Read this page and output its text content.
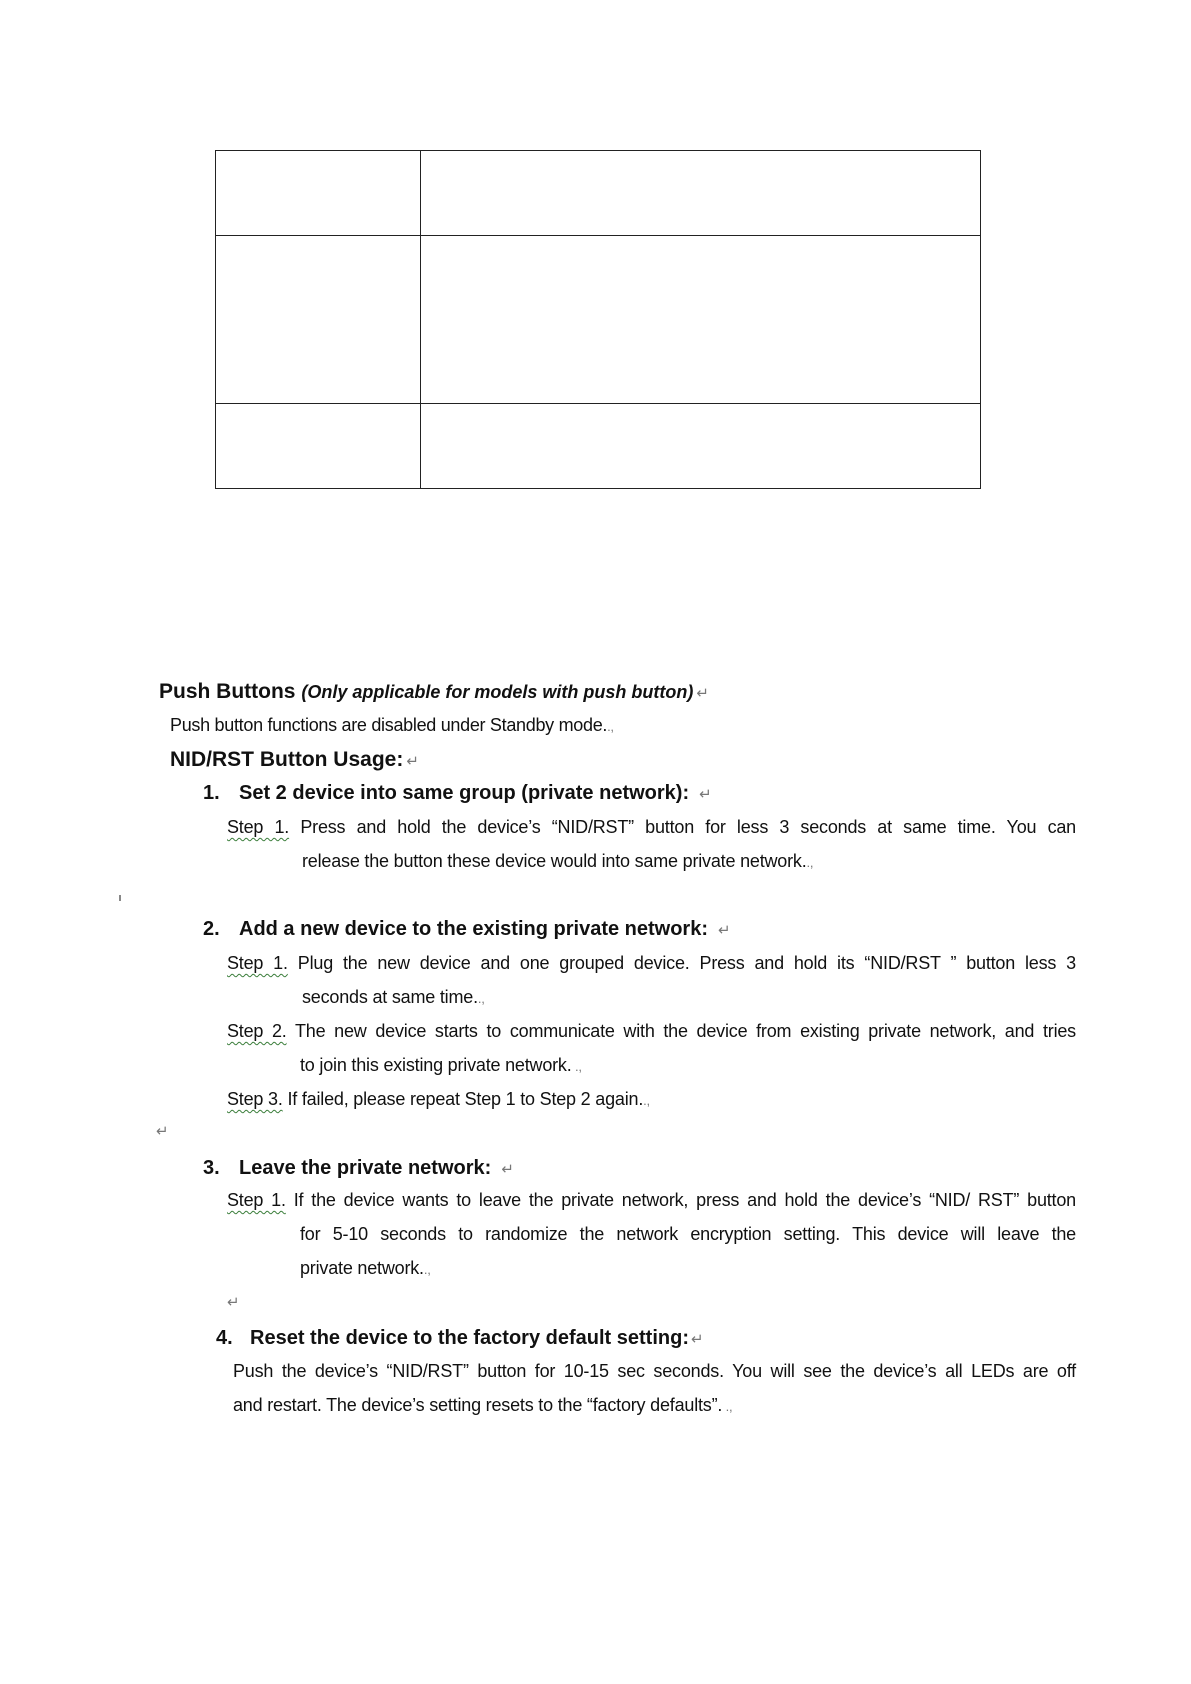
Push Buttons (Only applicable for models with push button) ↵
Push button functions are disabled under Standby mode..,
NID/RST Button Usage: ↵
1. Set 2 device into same group (private network): ↵
Step 1. Press and hold the device’s “NID/RST” button for less 3 seconds at same time. You can
release the button these device would into same private network..,
2. Add a new device to the existing private network: ↵
Step 1. Plug the new device and one grouped device. Press and hold its “NID/RST ” button less 3
seconds at same time..,
Step 2. The new device starts to communicate with the device from existing private network, and tries
to join this existing private network. .,
Step 3. If failed, please repeat Step 1 to Step 2 again..,
↵
3. Leave the private network: ↵
Step 1. If the device wants to leave the private network, press and hold the device’s “NID/ RST” button
for 5-10 seconds to randomize the network encryption setting. This device will leave the
private network..,
↵
4. Reset the device to the factory default setting: ↵
Push the device’s “NID/RST” button for 10-15 sec seconds. You will see the device’s all LEDs are off
and restart. The device’s setting resets to the “factory defaults”. .,
